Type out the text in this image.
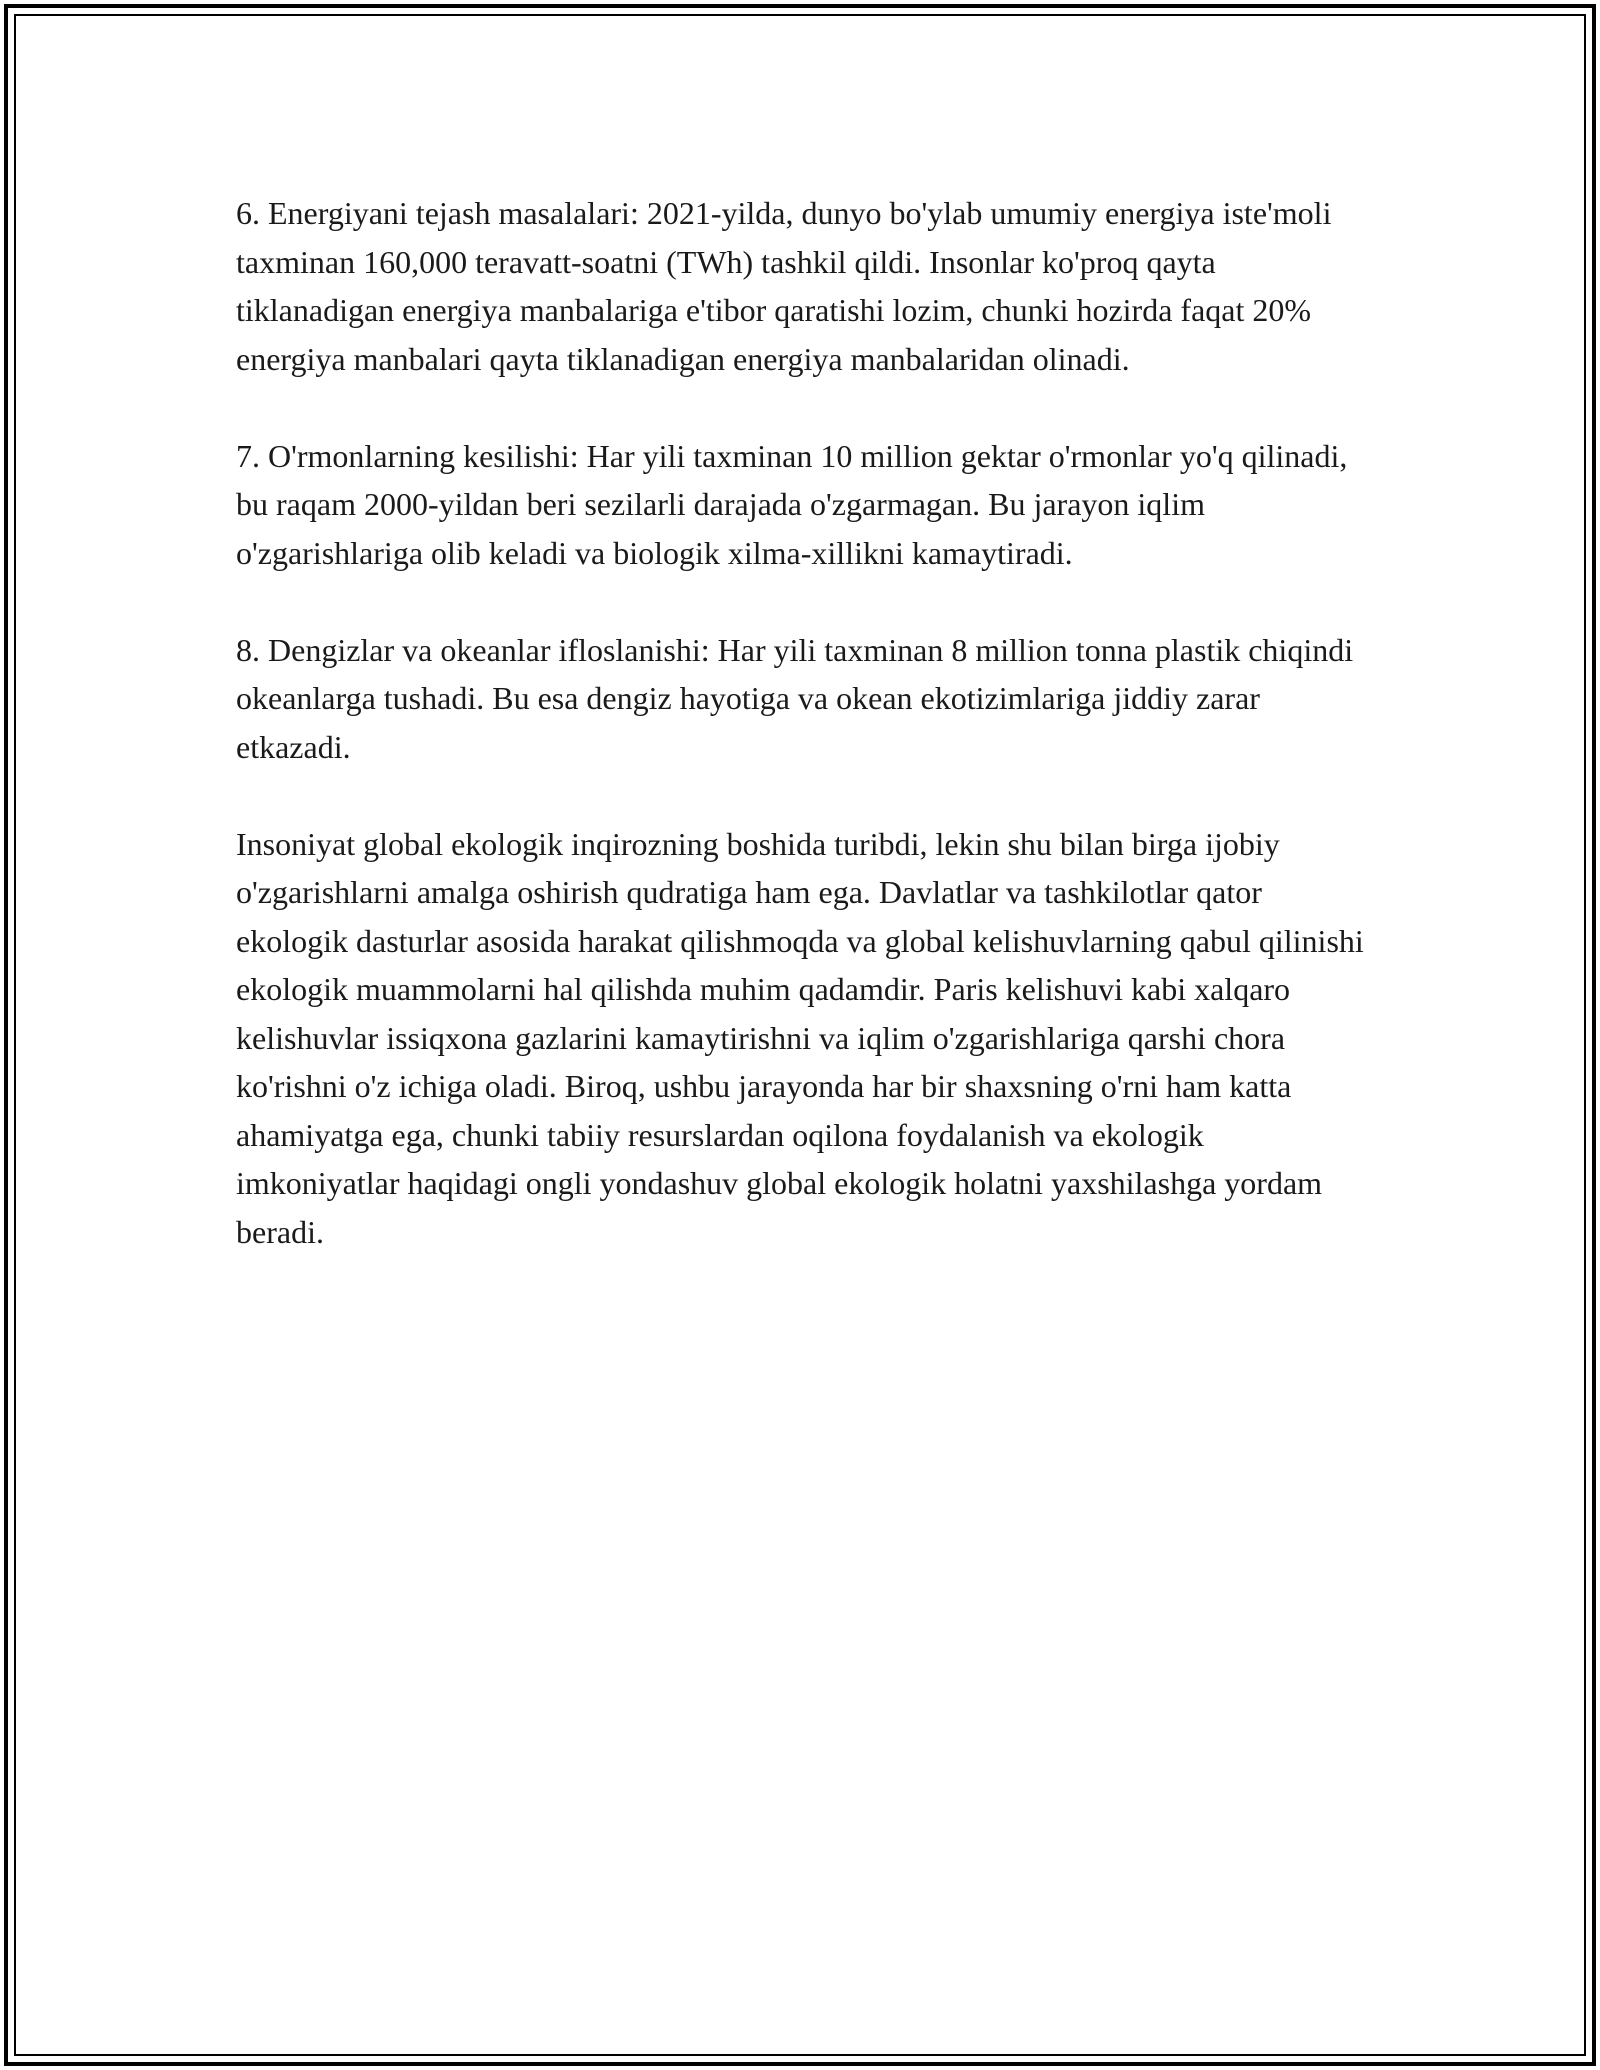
6. Energiyani tejash masalalari: 2021-yilda, dunyo bo'ylab umumiy energiya iste'moli taxminan 160,000 teravatt-soatni (TWh) tashkil qildi. Insonlar ko'proq qayta tiklanadigan energiya manbalariga e'tibor qaratishi lozim, chunki hozirda faqat 20% energiya manbalari qayta tiklanadigan energiya manbalaridan olinadi.

7. O'rmonlarning kesilishi: Har yili taxminan 10 million gektar o'rmonlar yo'q qilinadi, bu raqam 2000-yildan beri sezilarli darajada o'zgarmagan. Bu jarayon iqlim o'zgarishlariga olib keladi va biologik xilma-xillikni kamaytiradi.

8. Dengizlar va okeanlar ifloslanishi: Har yili taxminan 8 million tonna plastik chiqindi okeanlarga tushadi. Bu esa dengiz hayotiga va okean ekotizimlariga jiddiy zarar etkazadi.

Insoniyat global ekologik inqirozning boshida turibdi, lekin shu bilan birga ijobiy o'zgarishlarni amalga oshirish qudratiga ham ega. Davlatlar va tashkilotlar qator ekologik dasturlar asosida harakat qilishmoqda va global kelishuvlarning qabul qilinishi ekologik muammolarni hal qilishda muhim qadamdir. Paris kelishuvi kabi xalqaro kelishuvlar issiqxona gazlarini kamaytirishni va iqlim o'zgarishlariga qarshi chora ko'rishni o'z ichiga oladi. Biroq, ushbu jarayonda har bir shaxsning o'rni ham katta ahamiyatga ega, chunki tabiiy resurslardan oqilona foydalanish va ekologik imkoniyatlar haqidagi ongli yondashuv global ekologik holatni yaxshilashga yordam beradi.
